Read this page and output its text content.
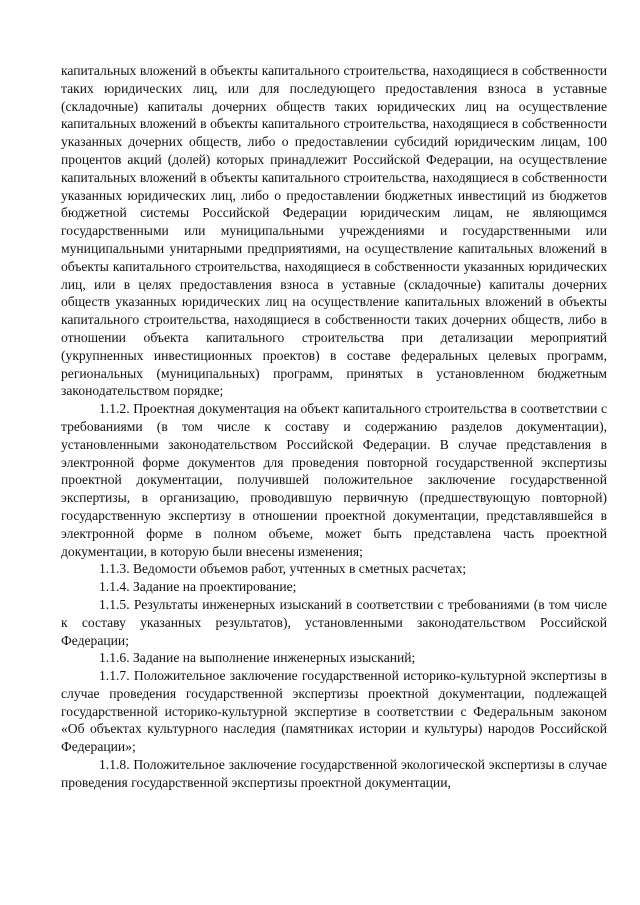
капитальных вложений в объекты капитального строительства, находящиеся в собственности таких юридических лиц, или для последующего предоставления взноса в уставные (складочные) капиталы дочерних обществ таких юридических лиц на осуществление капитальных вложений в объекты капитального строительства, находящиеся в собственности указанных дочерних обществ, либо о предоставлении субсидий юридическим лицам, 100 процентов акций (долей) которых принадлежит Российской Федерации, на осуществление капитальных вложений в объекты капитального строительства, находящиеся в собственности указанных юридических лиц, либо о предоставлении бюджетных инвестиций из бюджетов бюджетной системы Российской Федерации юридическим лицам, не являющимся государственными или муниципальными учреждениями и государственными или муниципальными унитарными предприятиями, на осуществление капитальных вложений в объекты капитального строительства, находящиеся в собственности указанных юридических лиц, или в целях предоставления взноса в уставные (складочные) капиталы дочерних обществ указанных юридических лиц на осуществление капитальных вложений в объекты капитального строительства, находящиеся в собственности таких дочерних обществ, либо в отношении объекта капитального строительства при детализации мероприятий (укрупненных инвестиционных проектов) в составе федеральных целевых программ, региональных (муниципальных) программ, принятых в установленном бюджетным законодательством порядке;

1.1.2. Проектная документация на объект капитального строительства в соответствии с требованиями (в том числе к составу и содержанию разделов документации), установленными законодательством Российской Федерации. В случае представления в электронной форме документов для проведения повторной государственной экспертизы проектной документации, получившей положительное заключение государственной экспертизы, в организацию, проводившую первичную (предшествующую повторной) государственную экспертизу в отношении проектной документации, представлявшейся в электронной форме в полном объеме, может быть представлена часть проектной документации, в которую были внесены изменения;

1.1.3. Ведомости объемов работ, учтенных в сметных расчетах;

1.1.4. Задание на проектирование;

1.1.5. Результаты инженерных изысканий в соответствии с требованиями (в том числе к составу указанных результатов), установленными законодательством Российской Федерации;

1.1.6. Задание на выполнение инженерных изысканий;

1.1.7. Положительное заключение государственной историко-культурной экспертизы в случае проведения государственной экспертизы проектной документации, подлежащей государственной историко-культурной экспертизе в соответствии с Федеральным законом «Об объектах культурного наследия (памятниках истории и культуры) народов Российской Федерации»;

1.1.8. Положительное заключение государственной экологической экспертизы в случае проведения государственной экспертизы проектной документации,
